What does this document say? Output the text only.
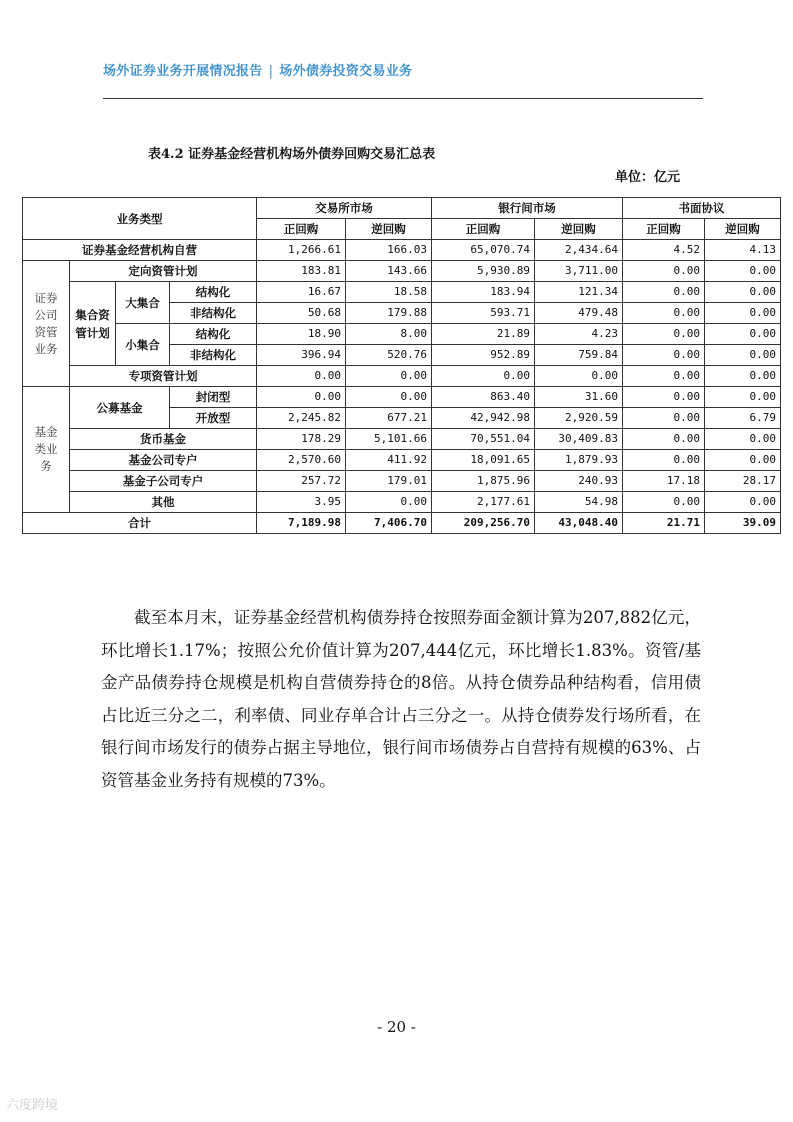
场外证券业务开展情况报告 | 场外债券投资交易业务
表4.2 证券基金经营机构场外债券回购交易汇总表
单位：亿元
业务类型				交易所市场		银行间市场		书面协议	
				正回购	逆回购	正回购	逆回购	正回购	逆回购
证券基金经营机构自营				1,266.61	166.03	65,070.74	2,434.64	4.52	4.13
证券公司资管业务	定向资管计划			183.81	143.66	5,930.89	3,711.00	0.00	0.00
	集合资管计划	大集合	结构化	16.67	18.58	183.94	121.34	0.00	0.00
			非结构化	50.68	179.88	593.71	479.48	0.00	0.00
		小集合	结构化	18.90	8.00	21.89	4.23	0.00	0.00
			非结构化	396.94	520.76	952.89	759.84	0.00	0.00
	专项资管计划			0.00	0.00	0.00	0.00	0.00	0.00
基金类业务	公募基金		封闭型	0.00	0.00	863.40	31.60	0.00	0.00
			开放型	2,245.82	677.21	42,942.98	2,920.59	0.00	6.79
	货币基金			178.29	5,101.66	70,551.04	30,409.83	0.00	0.00
	基金公司专户			2,570.60	411.92	18,091.65	1,879.93	0.00	0.00
	基金子公司专户			257.72	179.01	1,875.96	240.93	17.18	28.17
	其他			3.95	0.00	2,177.61	54.98	0.00	0.00
合计				7,189.98	7,406.70	209,256.70	43,048.40	21.71	39.09

截至本月末，证券基金经营机构债券持仓按照券面金额计算为207,882亿元，环比增长1.17%；按照公允价值计算为207,444亿元，环比增长1.83%。资管/基金产品债券持仓规模是机构自营债券持仓的8倍。从持仓债券品种结构看，信用债占比近三分之二，利率债、同业存单合计占三分之一。从持仓债券发行场所看，在银行间市场发行的债券占据主导地位，银行间市场债券占自营持有规模的63%、占资管基金业务持有规模的73%。

- 20 -
六度跨境
